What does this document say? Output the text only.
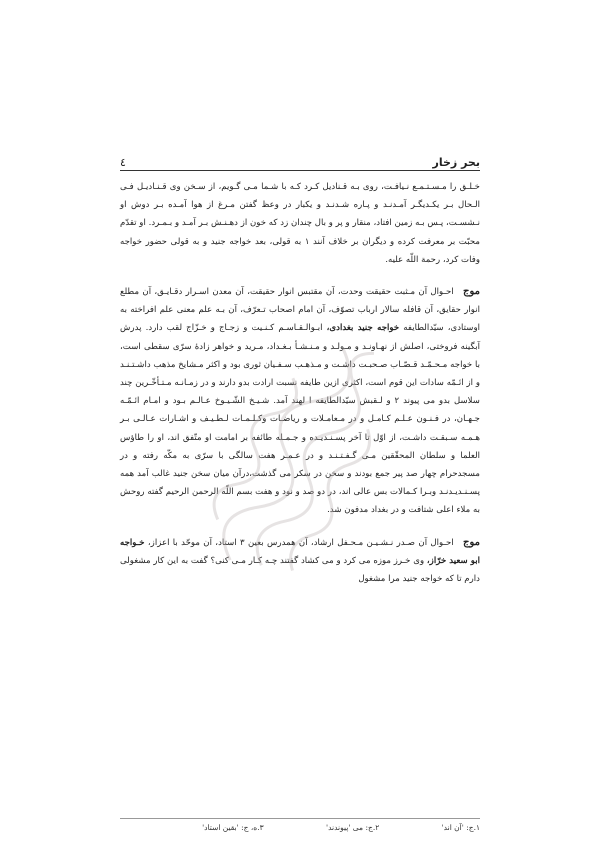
بحر زخار
٤

خـلـق را مـسـتـمـع نـيافـت، روی بـه قـناديل كـرد كـه با شـما مـی گـويم، از سـخن وی قـنـاديـل فـی الـحال بـر يكـديگـر آمـدنـد و پـاره شـدنـد و يكبار در وعظ گفتن مـرغ از هوا آمـده بـر دوش او نـشسـت، پـس بـه زمين افتاد، منقار و پر و بال چندان زد كه خون از دهـنـش بـر آمـد و بـمـرد. او تقدّم محبّت بر معرفت كرده و ديگران بر خلاف آنند ١ به قولی، بعد خواجه جنيد و به قولی حضور خواجه وفات كرد، رحمة اللّه عليه.

موج احـوال آن مـثبت حقيقت وحدت، آن مقتبس انوار حقيقت، آن معدن اسـرار دقـايـق، آن مطلع انوار حقايق، آن قافله سالار ارباب تصوّف، آن امام اصحاب تـعرّف، آن بـه علم معنی علم افراخته به اوستادی، سيّدالطايفه خواجه جنيد بغدادی، ابـوالـقـاسـم كـنـيت و زجـاج و خـزّاج لقب دارد. پدرش آبگينه فروختی، اصلش از نهـاونـد و مـولـد و مـنـشـأ بـغـداد، مـريد و خواهر زادهٔ سرّی سقطی است، با خواجه مـحـمّـد قـصّـاب صـحبـت داشـت و مـذهـب سـفـيان ثوری بود و اكثر مـشايخ مذهب داشـتـنـد و از ائـمّه سادات اين قوم است، اكثری ازين طايفه نسبت ارادت بدو دارند و در زمـانـه مـتـأخّـرين چند سلاسل بدو می پيوند ٢ و لـقبش سيّدالطايفه ا لهند آمد. شـيـخ الشّـيـوخ عـالـم بـود و امـام ائـمّـه جـهـان، در فـنـون عـلـم كـامـل و در مـعامـلات و رياضـات وكـلـمـات لـطـيـف و اشـارات عـالـی بـر هـمـه سـبقـت داشـت، از اوّل تا آخر پسـنـديـده و جـمـله طائفه بر امامت او متّفق اند، او را طاؤس العلما و سلطان المحقّقين مـی گـفـتـنـد و در عـمـر هفت سالگی با سرّی به مكّه رفته و در مسجدحرام چهار صد پير جمع بودند و سخن در سكر می گذشت،درآن ميان سخن جنيد غالب آمد همه پسـنـديـدنـد وبـرا كـمالات بس عالی اند، در دو صد و نود و هفت بسم اللّه الرحمن الرحيم گفته روحش به ملاء اعلی شتافت و در بغداد مدفون شد.

موج احـوال آن صـدر نـشـيـن مـحـفل ارشاد، آن همدرس بعين ٣ استاد، آن موحّد با اعزاز، خـواجه ابو سعيد خرّاز، وی خـرز موزه می كرد و می كشاد گفتند چـه كـار مـی كنی؟ گفت به اين كار مشغولی دارم تا كه خواجه جنيد مرا مشغول

١.ج: 'آن اند' ٢.ج: می 'پيوندند' ٣.ه، ج: 'بقين استاد'
